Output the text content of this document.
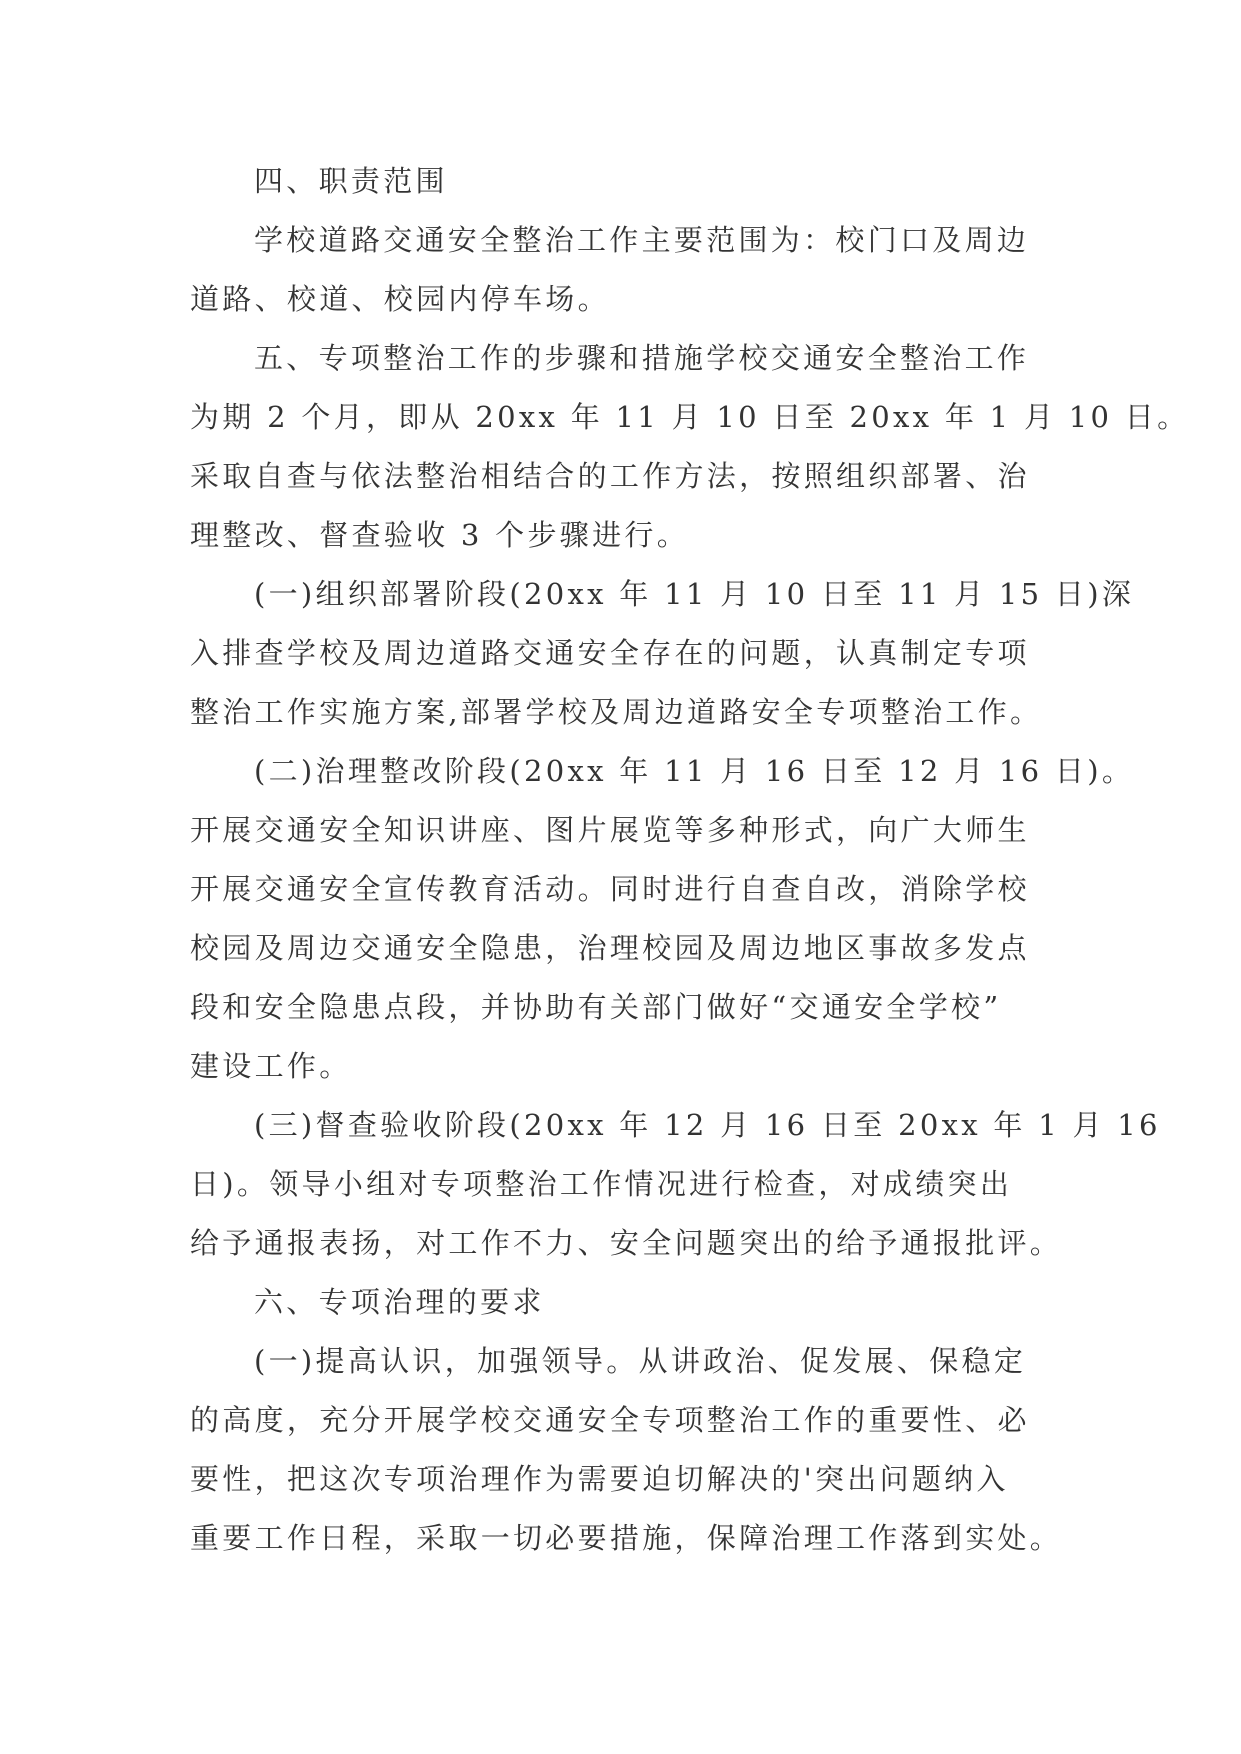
四、职责范围
学校道路交通安全整治工作主要范围为：校门口及周边
道路、校道、校园内停车场。
五、专项整治工作的步骤和措施学校交通安全整治工作
为期 2 个月，即从 20xx 年 11 月 10 日至 20xx 年 1 月 10 日。
采取自查与依法整治相结合的工作方法，按照组织部署、治
理整改、督查验收 3 个步骤进行。
(一)组织部署阶段(20xx 年 11 月 10 日至 11 月 15 日)深
入排查学校及周边道路交通安全存在的问题，认真制定专项
整治工作实施方案,部署学校及周边道路安全专项整治工作。
(二)治理整改阶段(20xx 年 11 月 16 日至 12 月 16 日)。
开展交通安全知识讲座、图片展览等多种形式，向广大师生
开展交通安全宣传教育活动。同时进行自查自改，消除学校
校园及周边交通安全隐患，治理校园及周边地区事故多发点
段和安全隐患点段，并协助有关部门做好“交通安全学校”
建设工作。
(三)督查验收阶段(20xx 年 12 月 16 日至 20xx 年 1 月 16
日)。领导小组对专项整治工作情况进行检查，对成绩突出
给予通报表扬，对工作不力、安全问题突出的给予通报批评。
六、专项治理的要求
(一)提高认识，加强领导。从讲政治、促发展、保稳定
的高度，充分开展学校交通安全专项整治工作的重要性、必
要性，把这次专项治理作为需要迫切解决的'突出问题纳入
重要工作日程，采取一切必要措施，保障治理工作落到实处。
